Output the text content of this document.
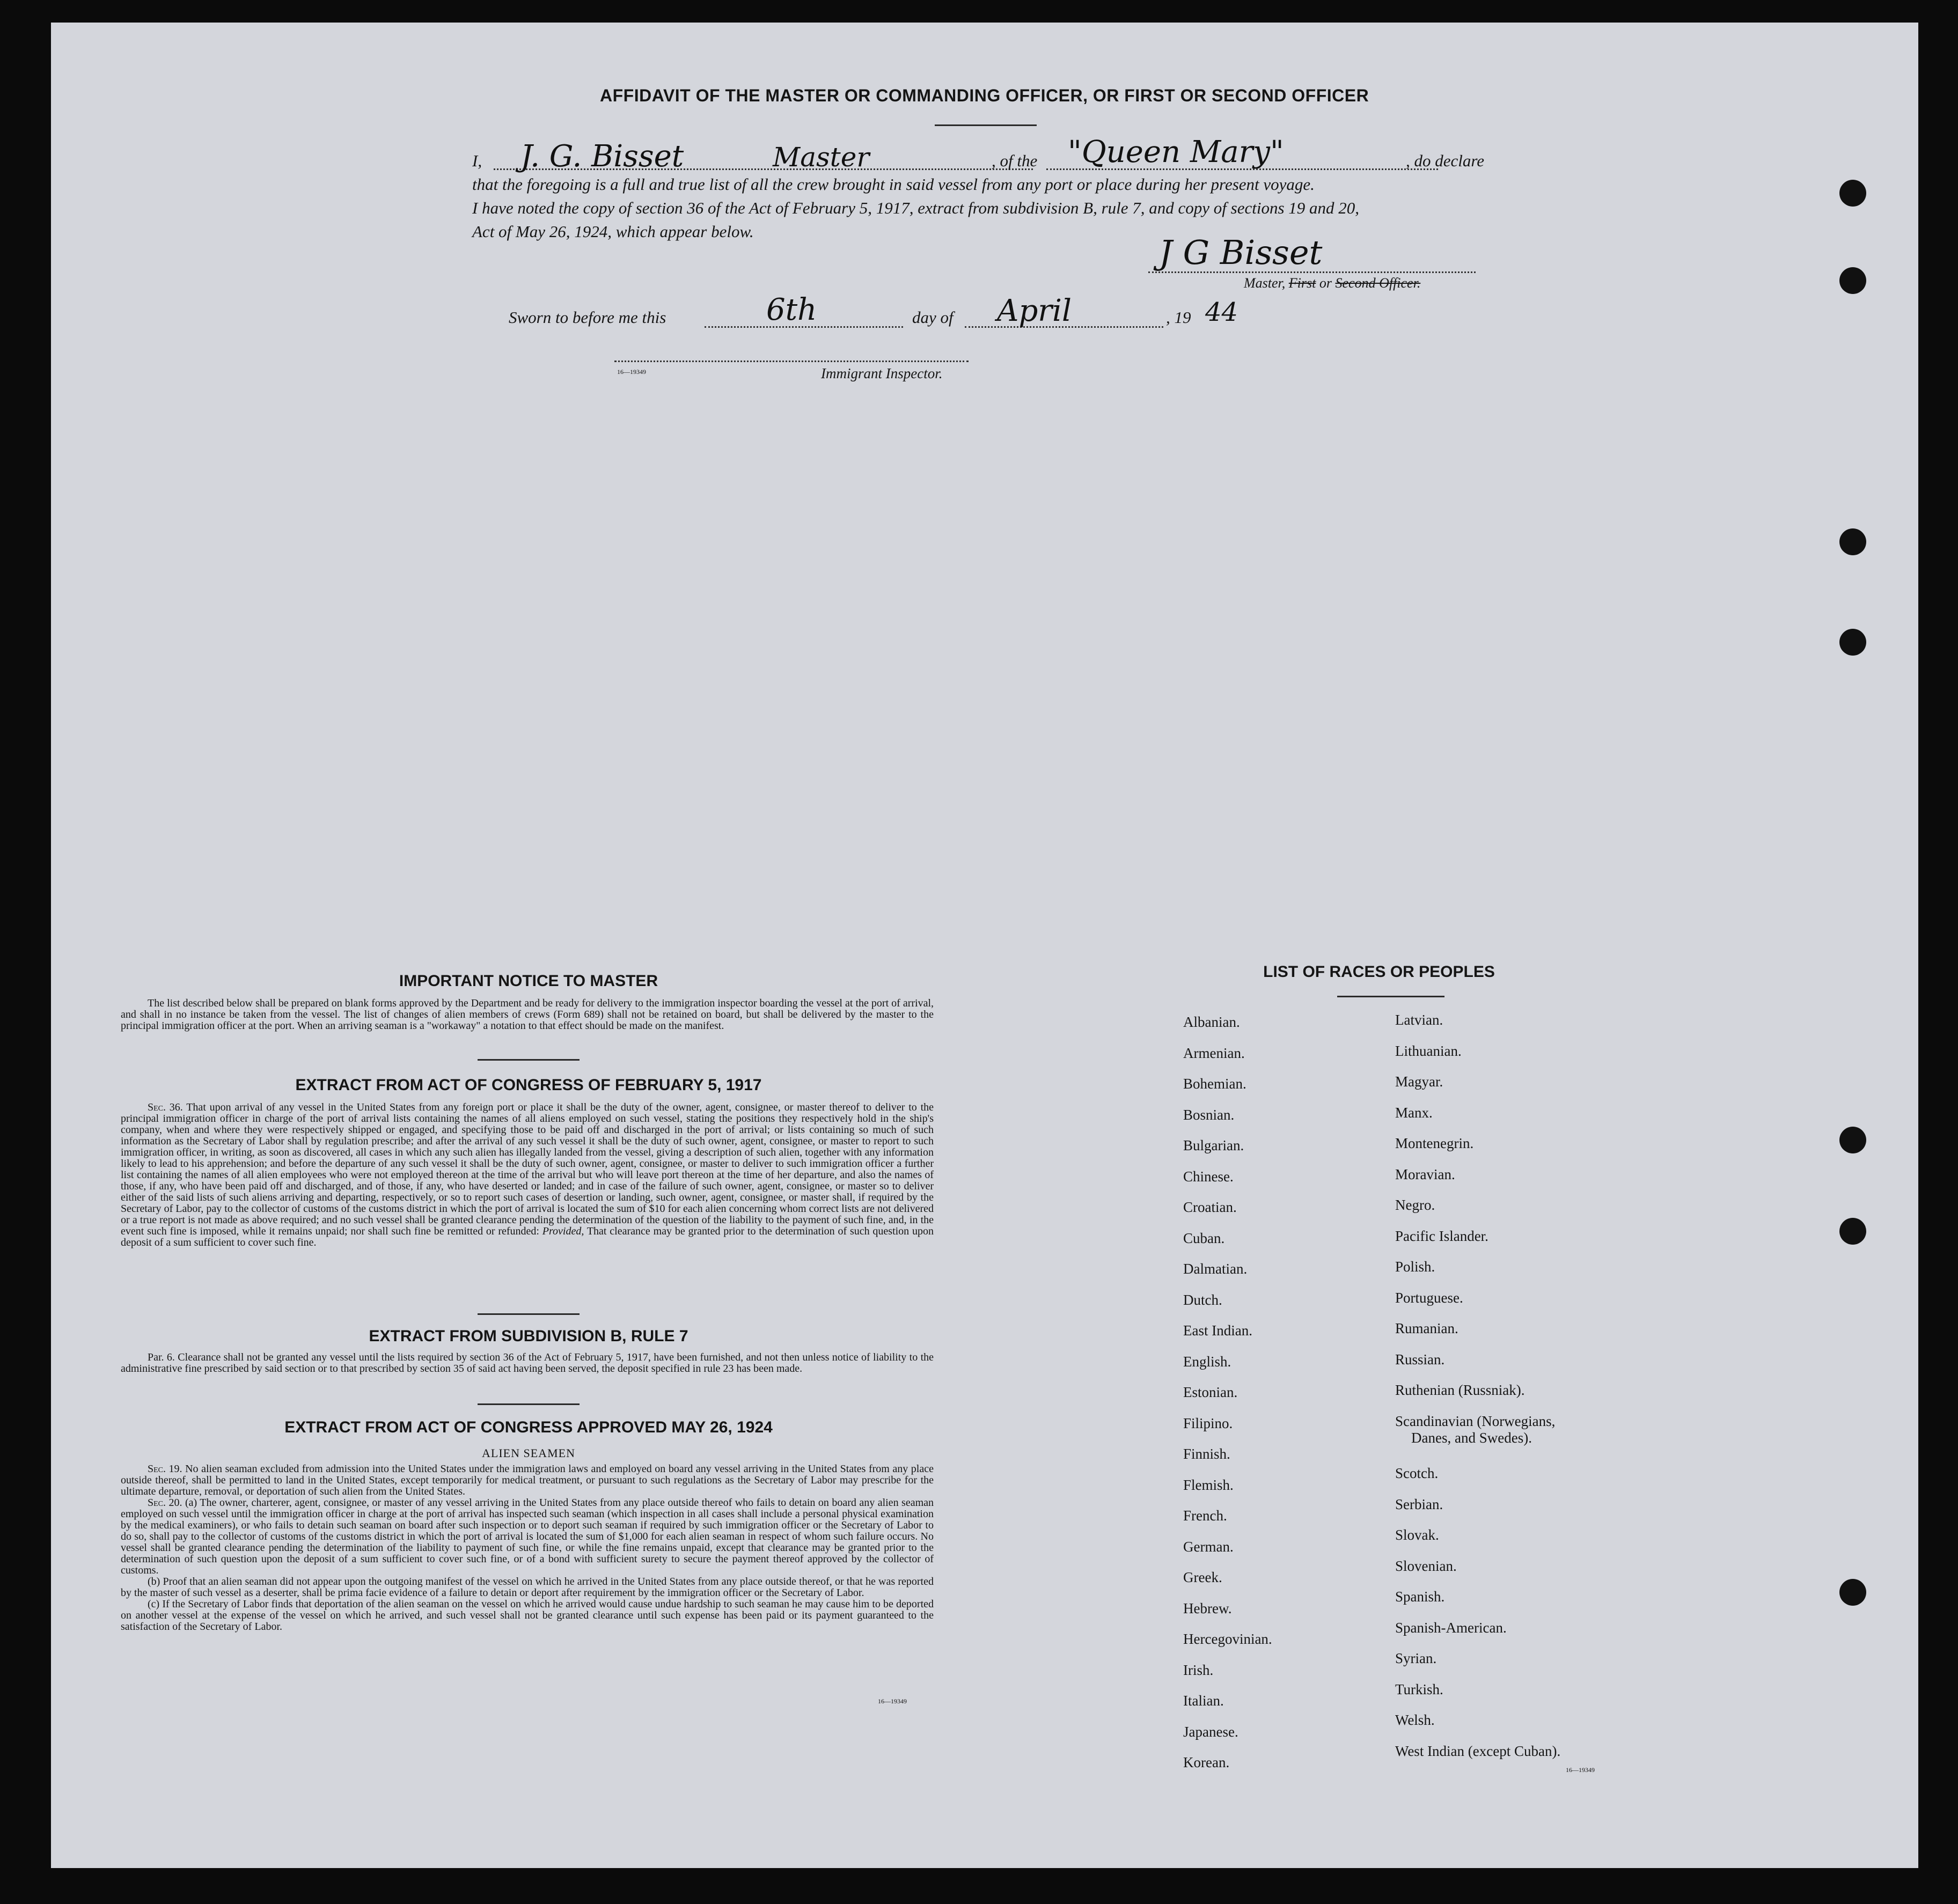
AFFIDAVIT OF THE MASTER OR COMMANDING OFFICER, OR FIRST OR SECOND OFFICER
I, J. G. Bisset	Master	, of the "Queen Mary"	, do declare
that the foregoing is a full and true list of all the crew brought in said vessel from any port or place during her present voyage.
I have noted the copy of section 36 of the Act of February 5, 1917, extract from subdivision B, rule 7, and copy of sections 19 and 20,
Act of May 26, 1924, which appear below.
J G Bisset
Master, First or Second Officer.
Sworn to before me this	6th	day of April	, 19 44
16—19349	Immigrant Inspector.
IMPORTANT NOTICE TO MASTER

The list described below shall be prepared on blank forms approved by the Department and be ready for delivery to the immigration inspector boarding the vessel at the port of arrival, and shall in no instance be taken from the vessel. The list of changes of alien members of crews (Form 689) shall not be retained on board, but shall be delivered by the master to the principal immigration officer at the port. When an arriving seaman is a "workaway" a notation to that effect should be made on the manifest.

EXTRACT FROM ACT OF CONGRESS OF FEBRUARY 5, 1917

Sec. 36. That upon arrival of any vessel in the United States from any foreign port or place it shall be the duty of the owner, agent, consignee, or master thereof to deliver to the principal immigration officer in charge of the port of arrival lists containing the names of all aliens employed on such vessel, stating the positions they respectively hold in the ship's company, when and where they were respectively shipped or engaged, and specifying those to be paid off and discharged in the port of arrival; or lists containing so much of such information as the Secretary of Labor shall by regulation prescribe; and after the arrival of any such vessel it shall be the duty of such owner, agent, consignee, or master to report to such immigration officer, in writing, as soon as discovered, all cases in which any such alien has illegally landed from the vessel, giving a description of such alien, together with any information likely to lead to his apprehension; and before the departure of any such vessel it shall be the duty of such owner, agent, consignee, or master to deliver to such immigration officer a further list containing the names of all alien employees who were not employed thereon at the time of the arrival but who will leave port thereon at the time of her departure, and also the names of those, if any, who have been paid off and discharged, and of those, if any, who have deserted or landed; and in case of the failure of such owner, agent, consignee, or master so to deliver either of the said lists of such aliens arriving and departing, respectively, or so to report such cases of desertion or landing, such owner, agent, consignee, or master shall, if required by the Secretary of Labor, pay to the collector of customs of the customs district in which the port of arrival is located the sum of $10 for each alien concerning whom correct lists are not delivered or a true report is not made as above required; and no such vessel shall be granted clearance pending the determination of the question of the liability to the payment of such fine, and, in the event such fine is imposed, while it remains unpaid; nor shall such fine be remitted or refunded: Provided, That clearance may be granted prior to the determination of such question upon deposit of a sum sufficient to cover such fine.

EXTRACT FROM SUBDIVISION B, RULE 7

Par. 6. Clearance shall not be granted any vessel until the lists required by section 36 of the Act of February 5, 1917, have been furnished, and not then unless notice of liability to the administrative fine prescribed by said section or to that prescribed by section 35 of said act having been served, the deposit specified in rule 23 has been made.

EXTRACT FROM ACT OF CONGRESS APPROVED MAY 26, 1924
ALIEN SEAMEN

Sec. 19. No alien seaman excluded from admission into the United States under the immigration laws and employed on board any vessel arriving in the United States from any place outside thereof, shall be permitted to land in the United States, except temporarily for medical treatment, or pursuant to such regulations as the Secretary of Labor may prescribe for the ultimate departure, removal, or deportation of such alien from the United States.

Sec. 20. (a) The owner, charterer, agent, consignee, or master of any vessel arriving in the United States from any place outside thereof who fails to detain on board any alien seaman employed on such vessel until the immigration officer in charge at the port of arrival has inspected such seaman (which inspection in all cases shall include a personal physical examination by the medical examiners), or who fails to detain such seaman on board after such inspection or to deport such seaman if required by such immigration officer or the Secretary of Labor to do so, shall pay to the collector of customs of the customs district in which the port of arrival is located the sum of $1,000 for each alien seaman in respect of whom such failure occurs. No vessel shall be granted clearance pending the determination of the liability to payment of such fine, or while the fine remains unpaid, except that clearance may be granted prior to the determination of such question upon the deposit of a sum sufficient to cover such fine, or of a bond with sufficient surety to secure the payment thereof approved by the collector of customs.

(b) Proof that an alien seaman did not appear upon the outgoing manifest of the vessel on which he arrived in the United States from any place outside thereof, or that he was reported by the master of such vessel as a deserter, shall be prima facie evidence of a failure to detain or deport after requirement by the immigration officer or the Secretary of Labor.

(c) If the Secretary of Labor finds that deportation of the alien seaman on the vessel on which he arrived would cause undue hardship to such seaman he may cause him to be deported on another vessel at the expense of the vessel on which he arrived, and such vessel shall not be granted clearance until such expense has been paid or its payment guaranteed to the satisfaction of the Secretary of Labor.

16—19349
LIST OF RACES OR PEOPLES
16—19349
Albanian.
Armenian.
Bohemian.
Bosnian.
Bulgarian.
Chinese.
Croatian.
Cuban.
Dalmatian.
Dutch.
East Indian.
English.
Estonian.
Filipino.
Finnish.
Flemish.
French.
German.
Greek.
Hebrew.
Hercegovinian.
Irish.
Italian.
Japanese.
Korean.
Latvian.
Lithuanian.
Magyar.
Manx.
Montenegrin.
Moravian.
Negro.
Pacific Islander.
Polish.
Portuguese.
Rumanian.
Russian.
Ruthenian (Russniak).
Scandinavian (Norwegians,
Danes, and Swedes).
Scotch.
Serbian.
Slovak.
Slovenian.
Spanish.
Spanish-American.
Syrian.
Turkish.
Welsh.
West Indian (except Cuban).
